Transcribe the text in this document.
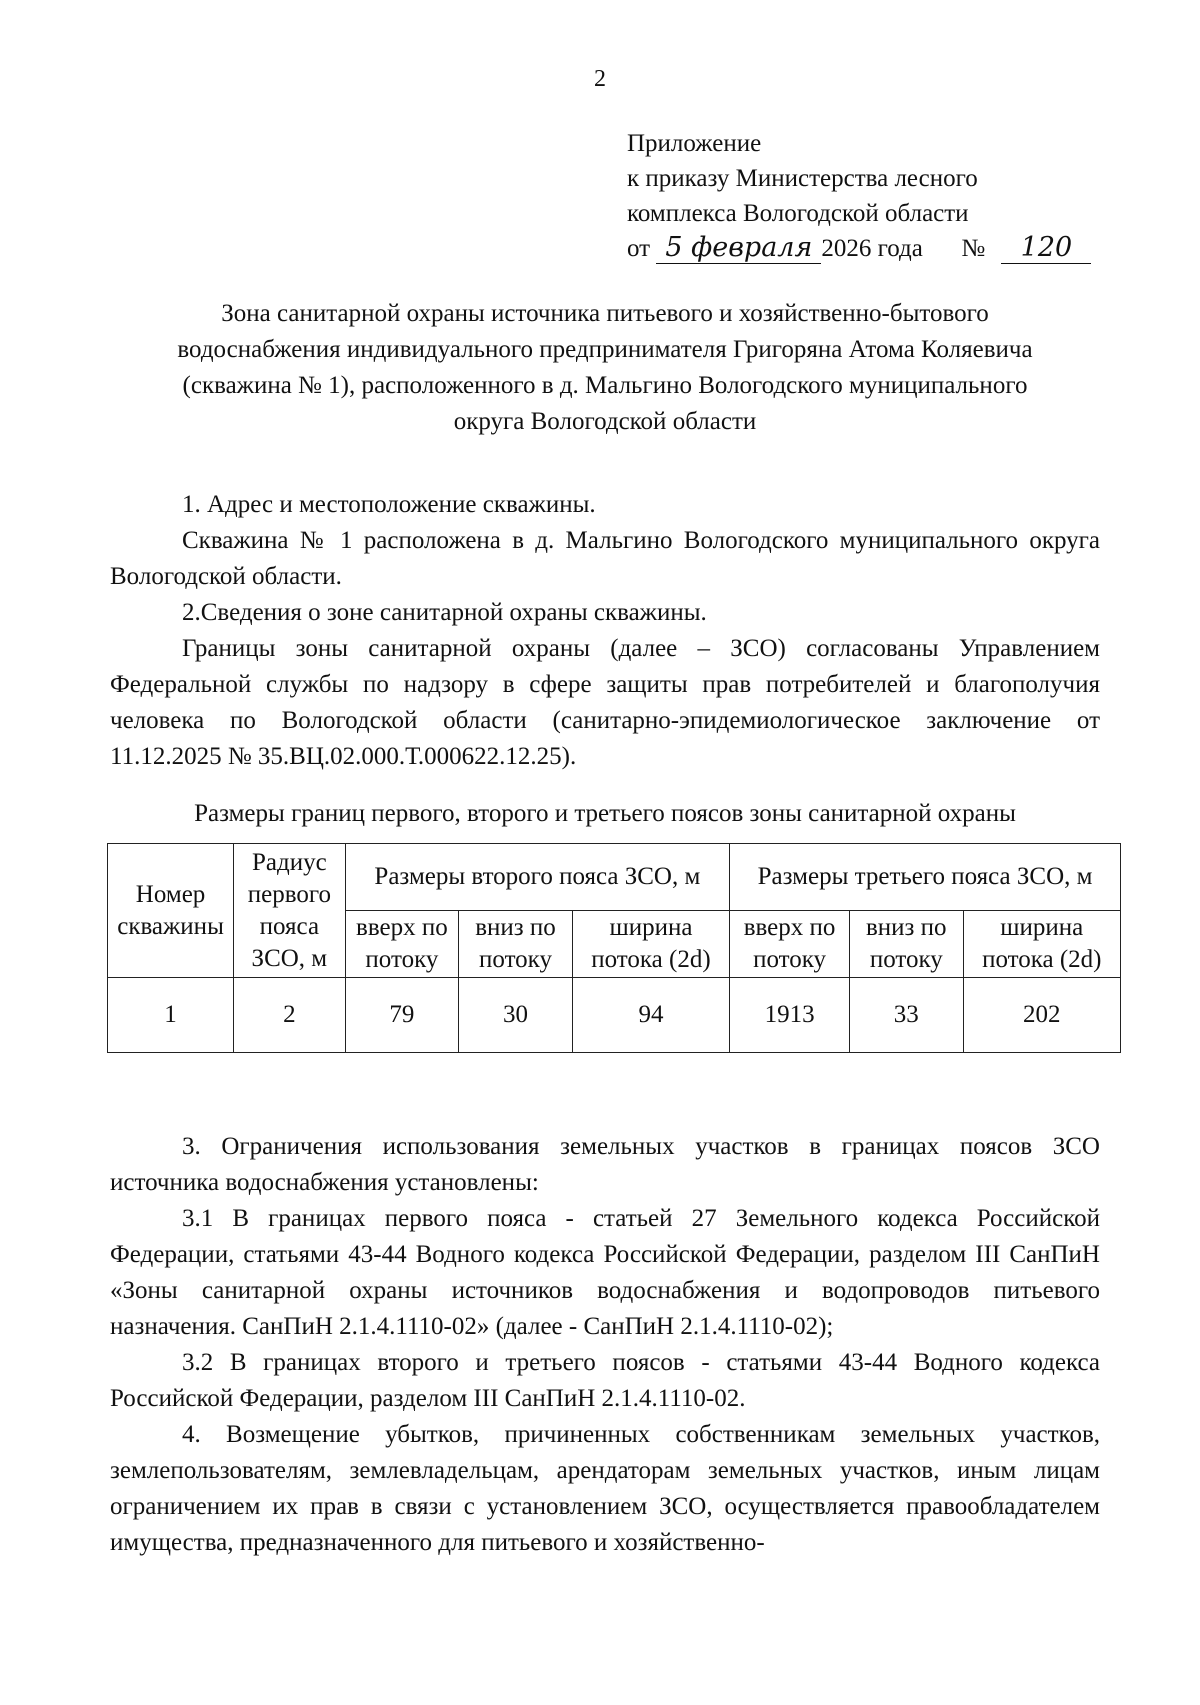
2
Приложение
к приказу Министерства лесного
комплекса Вологодской области
от 5 февраля 2026 года № 120
Зона санитарной охраны источника питьевого и хозяйственно-бытового
водоснабжения индивидуального предпринимателя Григоряна Атома Коляевича
(скважина № 1), расположенного в д. Мальгино Вологодского муниципального
округа Вологодской области

1. Адрес и местоположение скважины.

Скважина № 1 расположена в д. Мальгино Вологодского муниципального округа Вологодской области.

2.Сведения о зоне санитарной охраны скважины.

Границы зоны санитарной охраны (далее – ЗСО) согласованы Управлением Федеральной службы по надзору в сфере защиты прав потребителей и благополучия человека по Вологодской области (санитарно-эпидемиологическое заключение от 11.12.2025 № 35.ВЦ.02.000.Т.000622.12.25).

Размеры границ первого, второго и третьего поясов зоны санитарной охраны
Номер скважины	Радиус первого пояса ЗСО, м	Размеры второго пояса ЗСО, м			Размеры третьего пояса ЗСО, м		
		вверх по потоку	вниз по потоку	ширина потока (2d)	вверх по потоку	вниз по потоку	ширина потока (2d)
1	2	79	30	94	1913	33	202

3. Ограничения использования земельных участков в границах поясов ЗСО источника водоснабжения установлены:

3.1 В границах первого пояса - статьей 27 Земельного кодекса Российской Федерации, статьями 43-44 Водного кодекса Российской Федерации, разделом III СанПиН «Зоны санитарной охраны источников водоснабжения и водопроводов питьевого назначения. СанПиН 2.1.4.1110-02» (далее - СанПиН 2.1.4.1110-02);

3.2 В границах второго и третьего поясов - статьями 43-44 Водного кодекса Российской Федерации, разделом III СанПиН 2.1.4.1110-02.

4. Возмещение убытков, причиненных собственникам земельных участков, землепользователям, землевладельцам, арендаторам земельных участков, иным лицам ограничением их прав в связи с установлением ЗСО, осуществляется правообладателем имущества, предназначенного для питьевого и хозяйственно-
